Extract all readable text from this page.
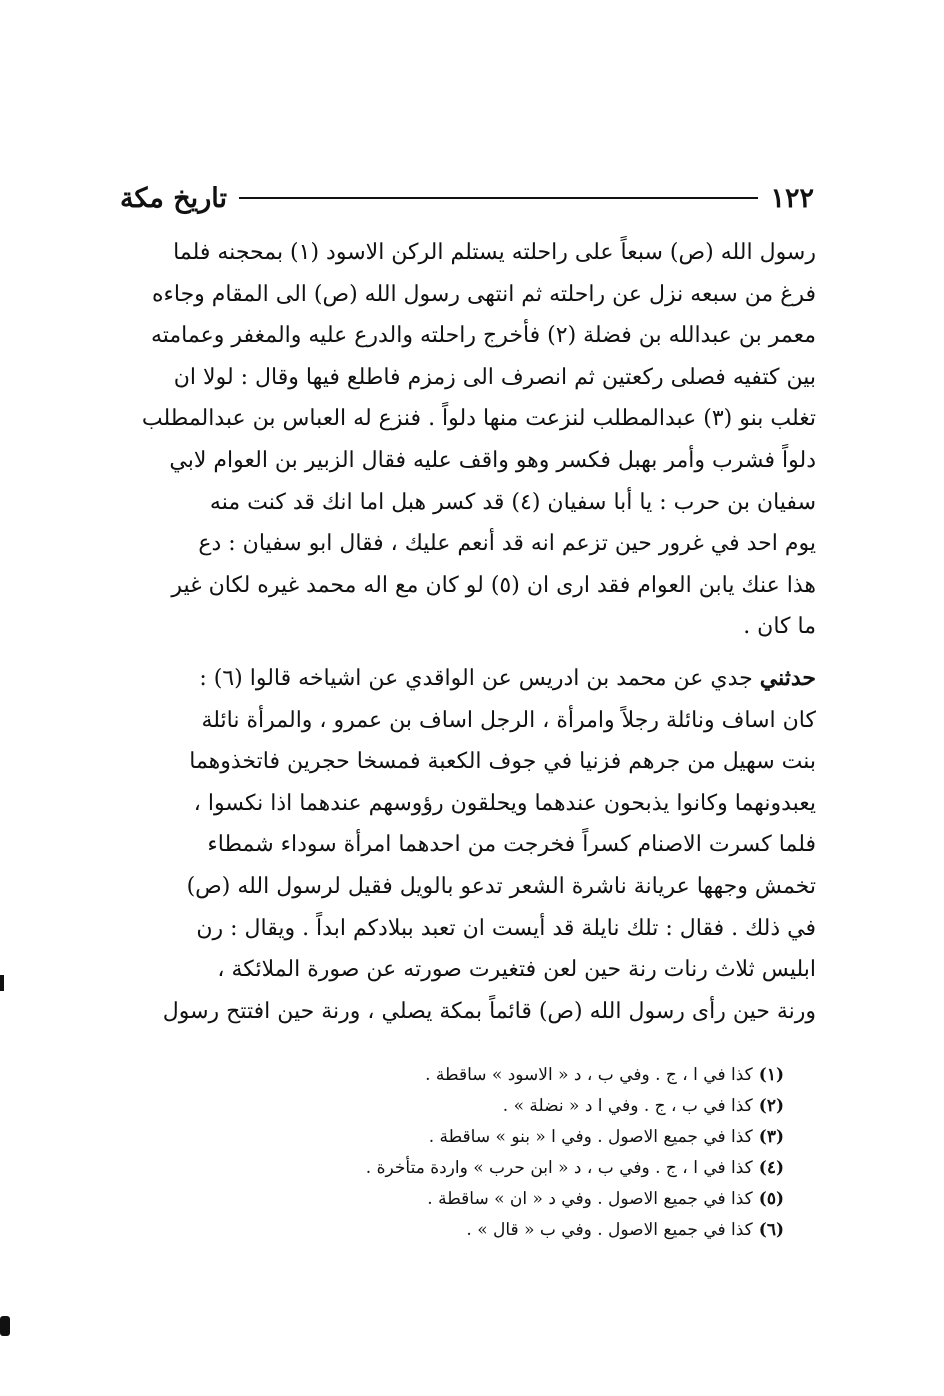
١٢٢
تاريخ مكة
رسول الله (ص) سبعاً على راحلته يستلم الركن الاسود (١) بمحجنه فلما
فرغ من سبعه نزل عن راحلته ثم انتهى رسول الله (ص) الى المقام وجاءه
معمر بن عبدالله بن فضلة (٢) فأخرج راحلته والدرع عليه والمغفر وعمامته
بين كتفيه فصلى ركعتين ثم انصرف الى زمزم فاطلع فيها وقال : لولا ان
تغلب بنو (٣) عبدالمطلب لنزعت منها دلواً . فنزع له العباس بن عبدالمطلب
دلواً فشرب وأمر بهبل فكسر وهو واقف عليه فقال الزبير بن العوام لابي
سفيان بن حرب : يا أبا سفيان (٤) قد كسر هبل اما انك قد كنت منه
يوم احد في غرور حين تزعم انه قد أنعم عليك ، فقال ابو سفيان : دع
هذا عنك يابن العوام فقد ارى ان (٥) لو كان مع اله محمد غيره لكان غير
ما كان .
حدثني جدي عن محمد بن ادريس عن الواقدي عن اشياخه قالوا (٦) :
كان اساف ونائلة رجلاً وامرأة ، الرجل اساف بن عمرو ، والمرأة نائلة
بنت سهيل من جرهم فزنيا في جوف الكعبة فمسخا حجرين فاتخذوهما
يعبدونهما وكانوا يذبحون عندهما ويحلقون رؤوسهم عندهما اذا نكسوا ،
فلما كسرت الاصنام كسراً فخرجت من احدهما امرأة سوداء شمطاء
تخمش وجهها عريانة ناشرة الشعر تدعو بالويل فقيل لرسول الله (ص)
في ذلك . فقال : تلك نايلة قد أيست ان تعبد ببلادكم ابداً . ويقال : رن
ابليس ثلاث رنات رنة حين لعن فتغيرت صورته عن صورة الملائكة ،
ورنة حين رأى رسول الله (ص) قائماً بمكة يصلي ، ورنة حين افتتح رسول
(١)كذا في ا ، ج . وفي ب ، د « الاسود » ساقطة .
(٢)كذا في ب ، ج . وفي ا د « نضلة » .
(٣)كذا في جميع الاصول . وفي ا « بنو » ساقطة .
(٤)كذا في ا ، ج . وفي ب ، د « ابن حرب » واردة متأخرة .
(٥)كذا في جميع الاصول . وفي د « ان » ساقطة .
(٦)كذا في جميع الاصول . وفي ب « قال » .
